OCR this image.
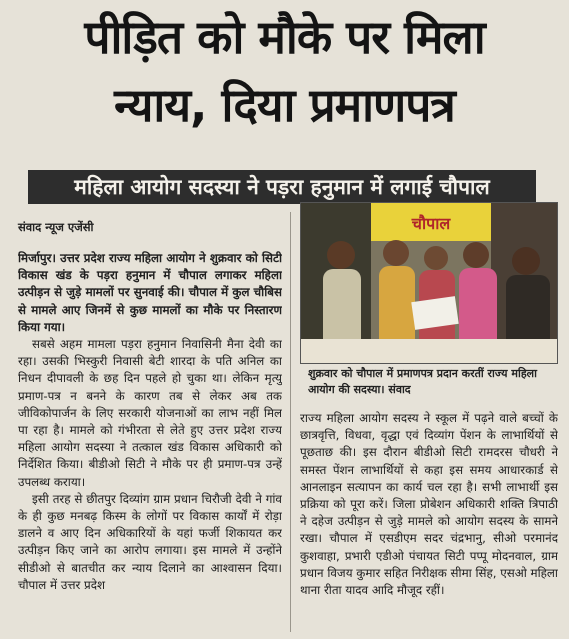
पीड़ित को मौके पर मिला
न्याय, दिया प्रमाणपत्र
महिला आयोग सदस्या ने पड़रा हनुमान में लगाई चौपाल
संवाद न्यूज एजेंसी

मिर्जापुर। उत्तर प्रदेश राज्य महिला आयोग ने शुक्रवार को सिटी विकास खंड के पड़रा हनुमान में चौपाल लगाकर महिला उत्पीड़न से जुड़े मामलों पर सुनवाई की। चौपाल में कुल चौबिस से मामले आए जिनमें से कुछ मामलों का मौके पर निस्तारण किया गया।

सबसे अहम मामला पड़रा हनुमान निवासिनी मैना देवी का रहा। उसकी भिस्कुरी निवासी बेटी शारदा के पति अनिल का निधन दीपावली के छह दिन पहले हो चुका था। लेकिन मृत्यु प्रमाण-पत्र न बनने के कारण तब से लेकर अब तक जीविकोपार्जन के लिए सरकारी योजनाओं का लाभ नहीं मिल पा रहा है। मामले को गंभीरता से लेते हुए उत्तर प्रदेश राज्य महिला आयोग सदस्या ने तत्काल खंड विकास अधिकारी को निर्देशित किया। बीडीओ सिटी ने मौके पर ही प्रमाण-पत्र उन्हें उपलब्ध कराया।

इसी तरह से छीतपुर दिव्यांग ग्राम प्रधान चिरौजी देवी ने गांव के ही कुछ मनबढ़ किस्म के लोगों पर विकास कार्यों में रोड़ा डालने व आए दिन अधिकारियों के यहां फर्जी शिकायत कर उत्पीड़न किए जाने का आरोप लगाया। इस मामले में उन्होंने सीडीओ से बातचीत कर न्याय दिलाने का आश्वासन दिया। चौपाल में उत्तर प्रदेश

चौपाल
शुक्रवार को चौपाल में प्रमाणपत्र प्रदान करतीं राज्य महिला आयोग की सदस्या। संवाद

राज्य महिला आयोग सदस्य ने स्कूल में पढ़ने वाले बच्चों के छात्रवृत्ति, विधवा, वृद्धा एवं दिव्यांग पेंशन के लाभार्थियों से पूछताछ की। इस दौरान बीडीओ सिटी रामदरस चौधरी ने समस्त पेंशन लाभार्थियों से कहा इस समय आधारकार्ड से आनलाइन सत्यापन का कार्य चल रहा है। सभी लाभार्थी इस प्रक्रिया को पूरा करें। जिला प्रोबेशन अधिकारी शक्ति त्रिपाठी ने दहेज उत्पीड़न से जुड़े मामले को आयोग सदस्य के सामने रखा। चौपाल में एसडीएम सदर चंद्रभानु, सीओ परमानंद कुशवाहा, प्रभारी एडीओ पंचायत सिटी पप्पू मोदनवाल, ग्राम प्रधान विजय कुमार सहित निरीक्षक सीमा सिंह, एसओ महिला थाना रीता यादव आदि मौजूद रहीं।
